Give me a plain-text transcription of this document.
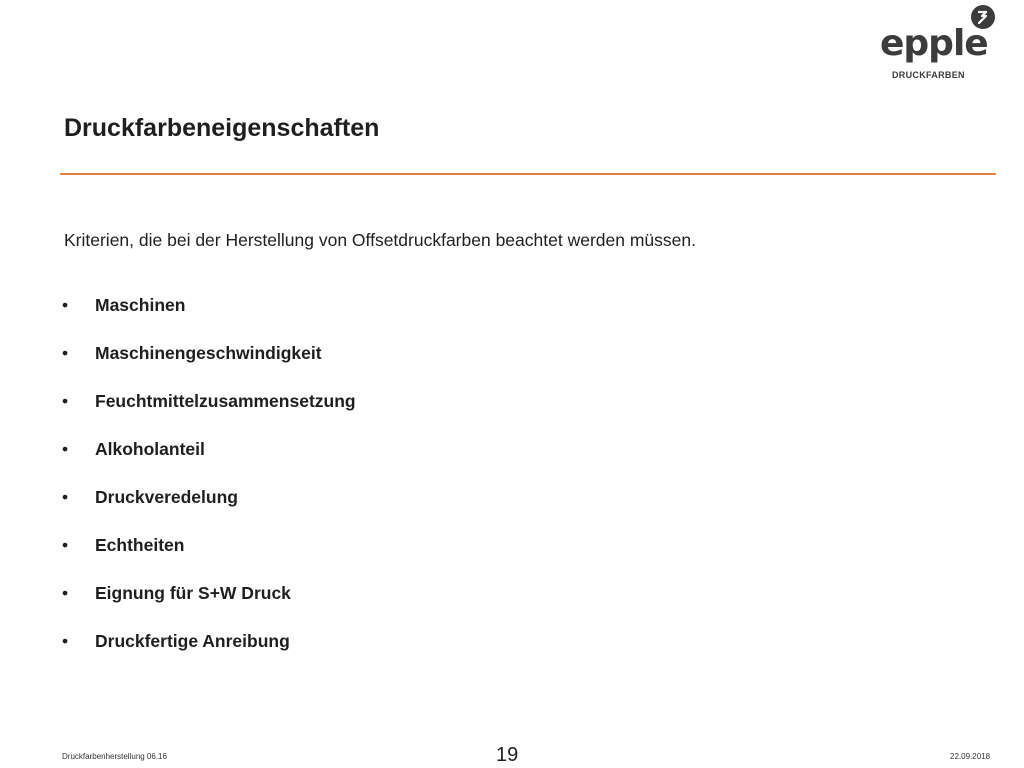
epple
DRUCKFARBEN
Druckfarbeneigenschaften
Kriterien, die bei der Herstellung von Offsetdruckfarben beachtet werden müssen.
• Maschinen
• Maschinengeschwindigkeit
• Feuchtmittelzusammensetzung
• Alkoholanteil
• Druckveredelung
• Echtheiten
• Eignung für S+W Druck
• Druckfertige Anreibung
Druckfarbenherstellung 06.16	19	22.09.2018
